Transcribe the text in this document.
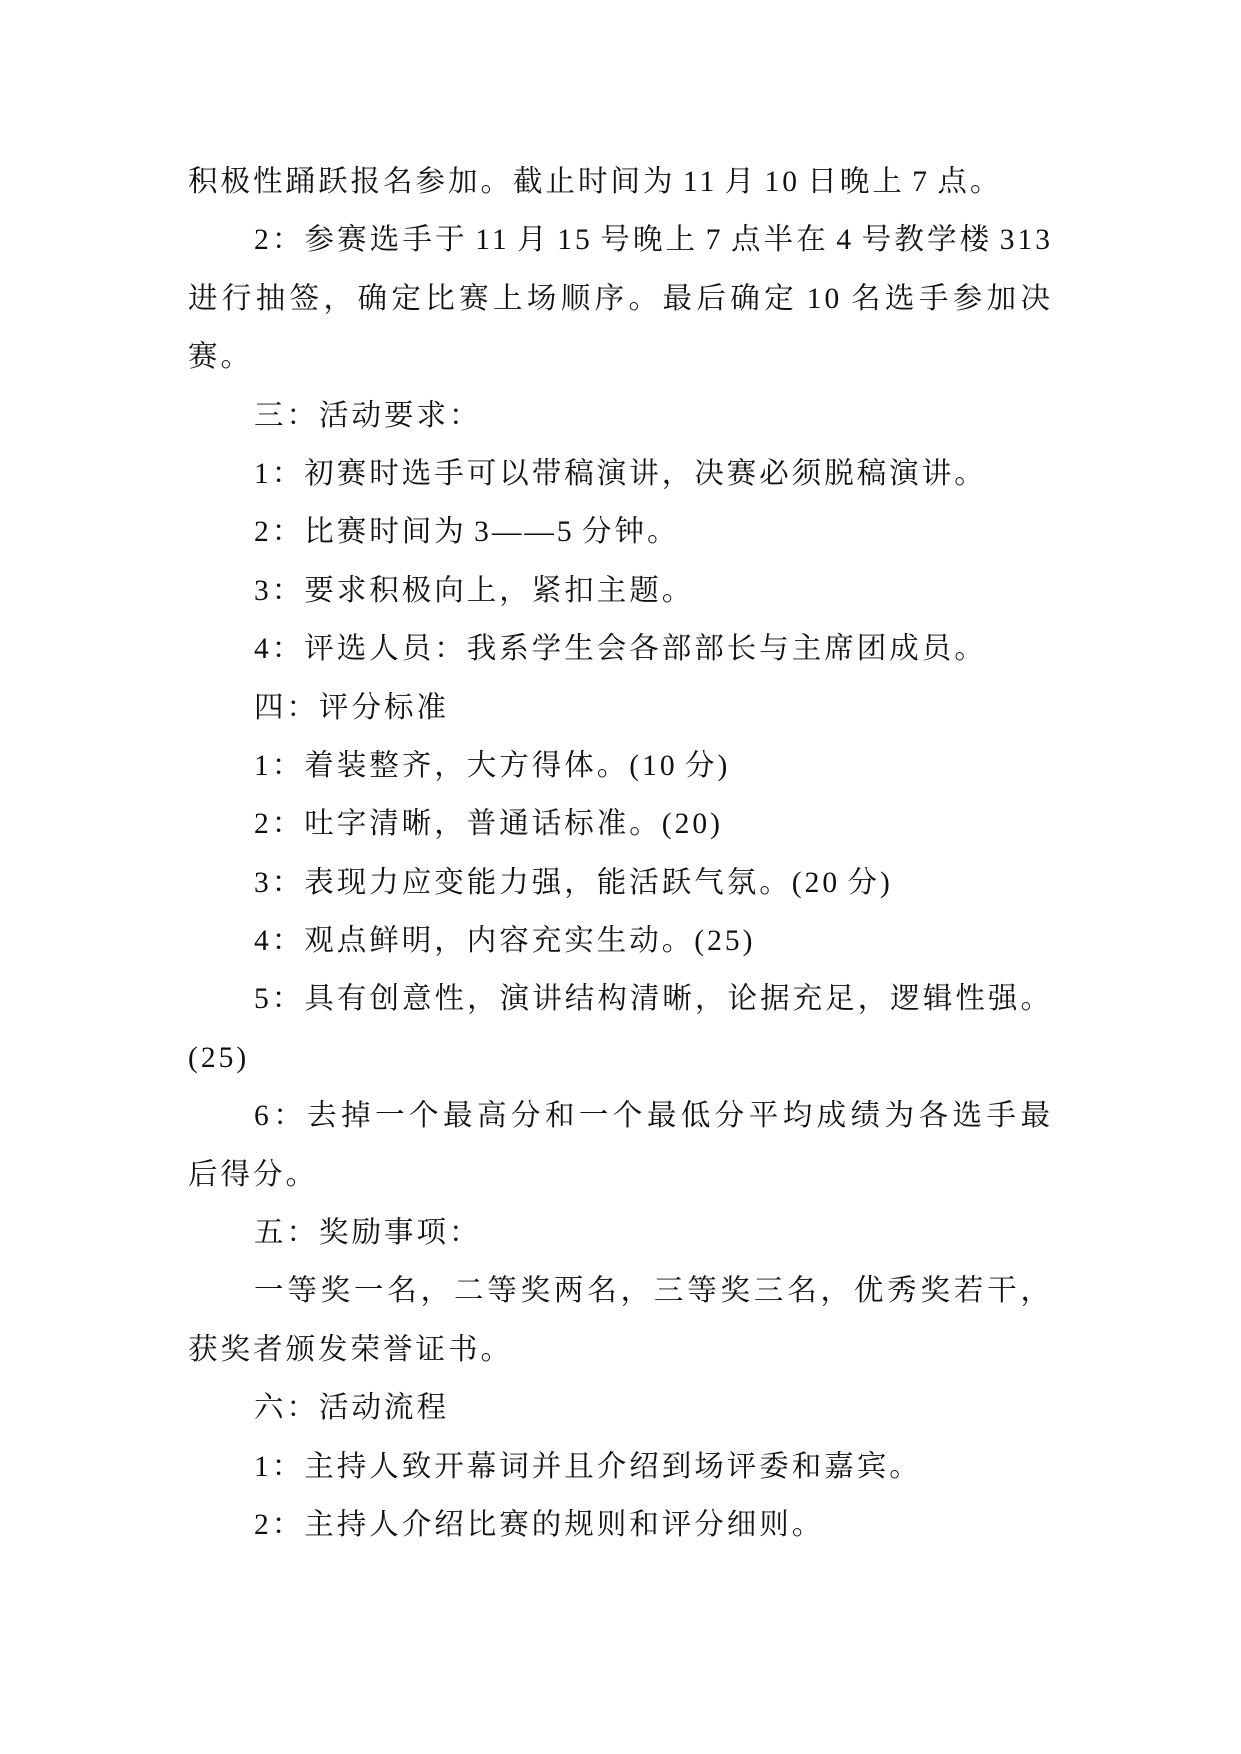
积极性踊跃报名参加。截止时间为 11 月 10 日晚上 7 点。
2：参赛选手于 11 月 15 号晚上 7 点半在 4 号教学楼 313
进行抽签，确定比赛上场顺序。最后确定 10 名选手参加决
赛。
三：活动要求：
1：初赛时选手可以带稿演讲，决赛必须脱稿演讲。
2：比赛时间为 3——5 分钟。
3：要求积极向上，紧扣主题。
4：评选人员：我系学生会各部部长与主席团成员。
四：评分标准
1：着装整齐，大方得体。(10 分)
2：吐字清晰，普通话标准。(20)
3：表现力应变能力强，能活跃气氛。(20 分)
4：观点鲜明，内容充实生动。(25)
5：具有创意性，演讲结构清晰，论据充足，逻辑性强。
(25)
6：去掉一个最高分和一个最低分平均成绩为各选手最
后得分。
五：奖励事项：
一等奖一名，二等奖两名，三等奖三名，优秀奖若干，
获奖者颁发荣誉证书。
六：活动流程
1：主持人致开幕词并且介绍到场评委和嘉宾。
2：主持人介绍比赛的规则和评分细则。
